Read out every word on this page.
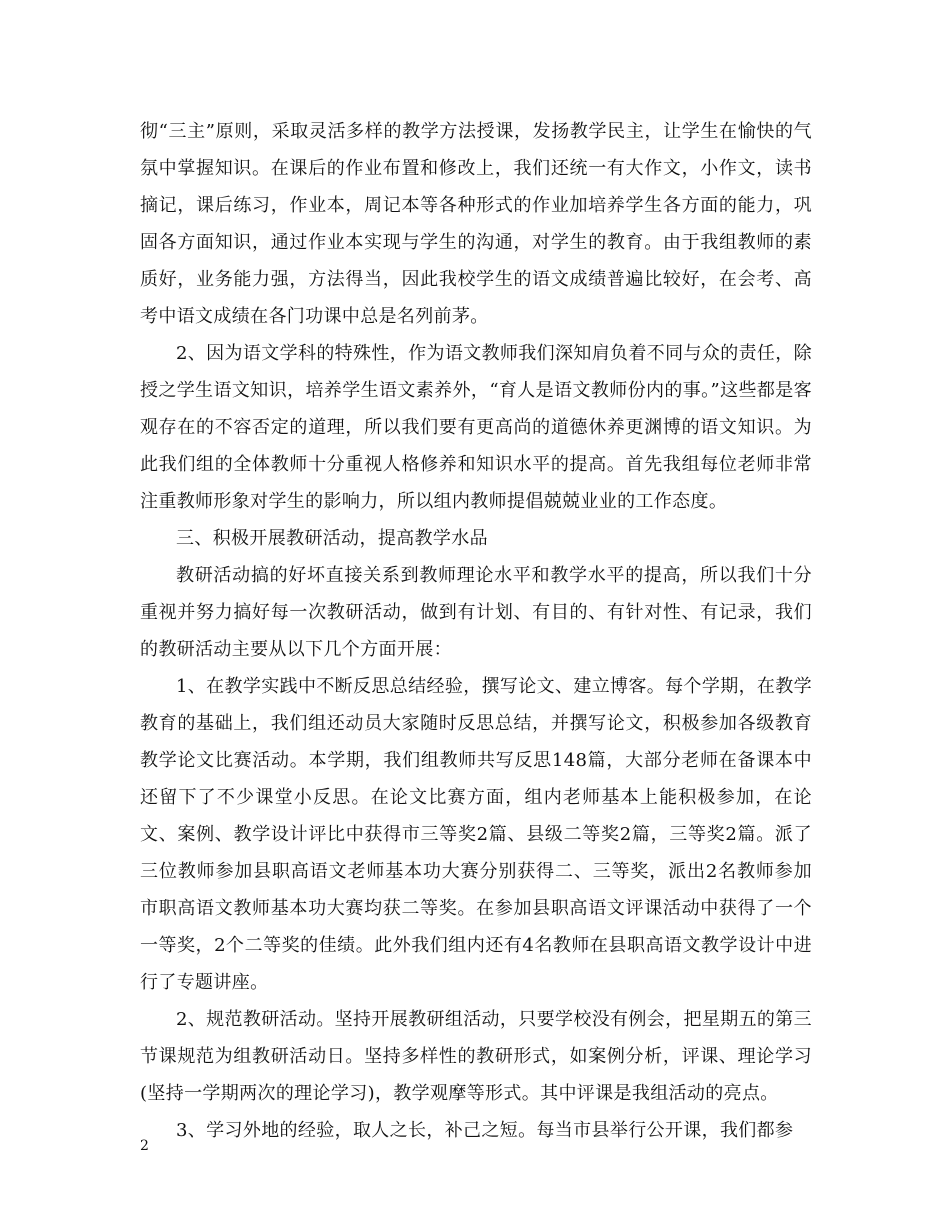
彻“三主”原则，采取灵活多样的教学方法授课，发扬教学民主，让学生在愉快的气氛中掌握知识。在课后的作业布置和修改上，我们还统一有大作文，小作文，读书摘记，课后练习，作业本，周记本等各种形式的作业加培养学生各方面的能力，巩固各方面知识，通过作业本实现与学生的沟通，对学生的教育。由于我组教师的素质好，业务能力强，方法得当，因此我校学生的语文成绩普遍比较好，在会考、高考中语文成绩在各门功课中总是名列前茅。

2、因为语文学科的特殊性，作为语文教师我们深知肩负着不同与众的责任，除授之学生语文知识，培养学生语文素养外，“育人是语文教师份内的事。”这些都是客观存在的不容否定的道理，所以我们要有更高尚的道德休养更渊博的语文知识。为此我们组的全体教师十分重视人格修养和知识水平的提高。首先我组每位老师非常注重教师形象对学生的影响力，所以组内教师提倡兢兢业业的工作态度。

三、积极开展教研活动，提高教学水品

教研活动搞的好坏直接关系到教师理论水平和教学水平的提高，所以我们十分重视并努力搞好每一次教研活动，做到有计划、有目的、有针对性、有记录，我们的教研活动主要从以下几个方面开展：

1、在教学实践中不断反思总结经验，撰写论文、建立博客。每个学期，在教学教育的基础上，我们组还动员大家随时反思总结，并撰写论文，积极参加各级教育教学论文比赛活动。本学期，我们组教师共写反思148篇，大部分老师在备课本中还留下了不少课堂小反思。在论文比赛方面，组内老师基本上能积极参加，在论文、案例、教学设计评比中获得市三等奖2篇、县级二等奖2篇，三等奖2篇。派了三位教师参加县职高语文老师基本功大赛分别获得二、三等奖，派出2名教师参加市职高语文教师基本功大赛均获二等奖。在参加县职高语文评课活动中获得了一个一等奖，2个二等奖的佳绩。此外我们组内还有4名教师在县职高语文教学设计中进行了专题讲座。

2、规范教研活动。坚持开展教研组活动，只要学校没有例会，把星期五的第三节课规范为组教研活动日。坚持多样性的教研形式，如案例分析，评课、理论学习(坚持一学期两次的理论学习)，教学观摩等形式。其中评课是我组活动的亮点。

3、学习外地的经验，取人之长，补己之短。每当市县举行公开课，我们都参

2
